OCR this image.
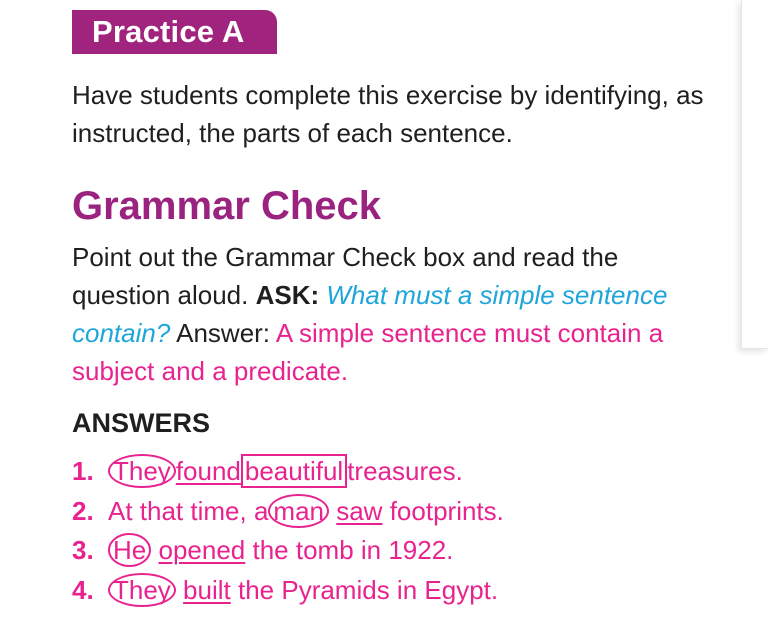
Practice A
Have students complete this exercise by identifying, as instructed, the parts of each sentence.
Grammar Check
Point out the Grammar Check box and read the question aloud. ASK: What must a simple sentence contain? Answer: A simple sentence must contain a subject and a predicate.
ANSWERS
1. They found beautiful treasures.
2. At that time, a man saw footprints.
3. He opened the tomb in 1922.
4. They built the Pyramids in Egypt.
